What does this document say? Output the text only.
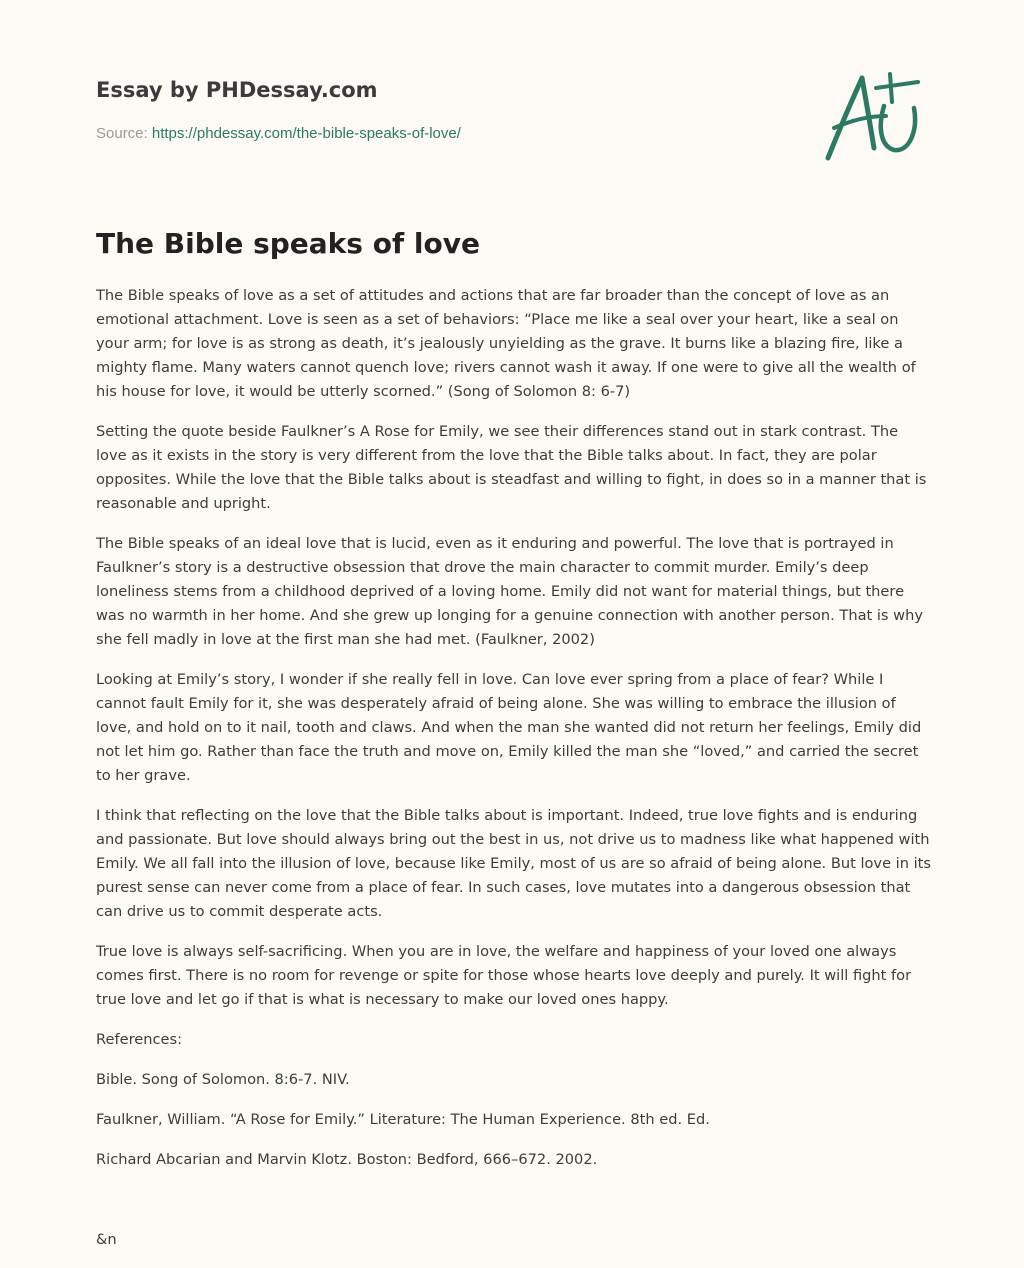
Essay by PHDessay.com
Source: https://phdessay.com/the-bible-speaks-of-love/
The Bible speaks of love

The Bible speaks of love as a set of attitudes and actions that are far broader than the concept of love as an emotional attachment. Love is seen as a set of behaviors: “Place me like a seal over your heart, like a seal on your arm; for love is as strong as death, it’s jealously unyielding as the grave. It burns like a blazing fire, like a mighty flame. Many waters cannot quench love; rivers cannot wash it away. If one were to give all the wealth of his house for love, it would be utterly scorned.” (Song of Solomon 8: 6-7)

Setting the quote beside Faulkner’s A Rose for Emily, we see their differences stand out in stark contrast. The love as it exists in the story is very different from the love that the Bible talks about. In fact, they are polar opposites. While the love that the Bible talks about is steadfast and willing to fight, in does so in a manner that is reasonable and upright.

The Bible speaks of an ideal love that is lucid, even as it enduring and powerful. The love that is portrayed in Faulkner’s story is a destructive obsession that drove the main character to commit murder. Emily’s deep loneliness stems from a childhood deprived of a loving home. Emily did not want for material things, but there was no warmth in her home. And she grew up longing for a genuine connection with another person. That is why she fell madly in love at the first man she had met. (Faulkner, 2002)

Looking at Emily’s story, I wonder if she really fell in love. Can love ever spring from a place of fear? While I cannot fault Emily for it, she was desperately afraid of being alone. She was willing to embrace the illusion of love, and hold on to it nail, tooth and claws. And when the man she wanted did not return her feelings, Emily did not let him go. Rather than face the truth and move on, Emily killed the man she “loved,” and carried the secret to her grave.

I think that reflecting on the love that the Bible talks about is important. Indeed, true love fights and is enduring and passionate. But love should always bring out the best in us, not drive us to madness like what happened with Emily. We all fall into the illusion of love, because like Emily, most of us are so afraid of being alone. But love in its purest sense can never come from a place of fear. In such cases, love mutates into a dangerous obsession that can drive us to commit desperate acts.

True love is always self-sacrificing. When you are in love, the welfare and happiness of your loved one always comes first. There is no room for revenge or spite for those whose hearts love deeply and purely. It will fight for true love and let go if that is what is necessary to make our loved ones happy.

References:

Bible. Song of Solomon. 8:6-7. NIV.

Faulkner, William. “A Rose for Emily.” Literature: The Human Experience. 8th ed. Ed.

Richard Abcarian and Marvin Klotz. Boston: Bedford, 666–672. 2002.

&n
